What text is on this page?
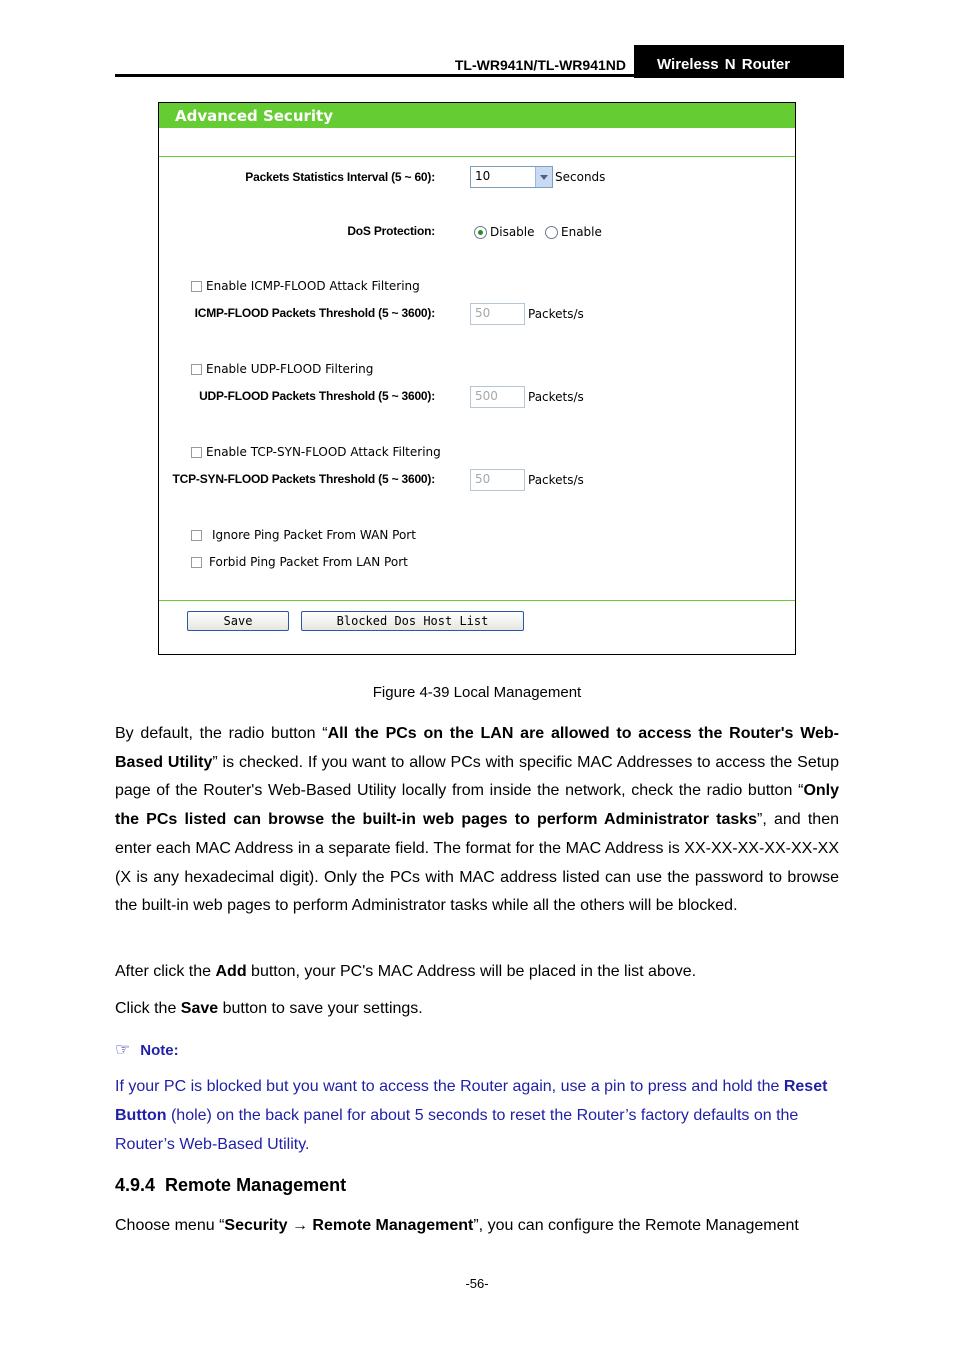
TL-WR941N/TL-WR941ND	Wireless N Router
Advanced Security
Packets Statistics Interval (5 ~ 60):	10	Seconds
DoS Protection:	Disable Enable
Enable ICMP-FLOOD Attack Filtering
ICMP-FLOOD Packets Threshold (5 ~ 3600):	50	Packets/s
Enable UDP-FLOOD Filtering
UDP-FLOOD Packets Threshold (5 ~ 3600):	500	Packets/s
Enable TCP-SYN-FLOOD Attack Filtering
TCP-SYN-FLOOD Packets Threshold (5 ~ 3600):	50	Packets/s
Ignore Ping Packet From WAN Port
Forbid Ping Packet From LAN Port
Save	Blocked Dos Host List
Figure 4-39 Local Management

By default, the radio button “All the PCs on the LAN are allowed to access the Router's Web-Based Utility” is checked. If you want to allow PCs with specific MAC Addresses to access the Setup page of the Router's Web-Based Utility locally from inside the network, check the radio button “Only the PCs listed can browse the built-in web pages to perform Administrator tasks”, and then enter each MAC Address in a separate field. The format for the MAC Address is XX-XX-XX-XX-XX-XX (X is any hexadecimal digit). Only the PCs with MAC address listed can use the password to browse the built-in web pages to perform Administrator tasks while all the others will be blocked.

After click the Add button, your PC's MAC Address will be placed in the list above.

Click the Save button to save your settings.

☞ Note:

If your PC is blocked but you want to access the Router again, use a pin to press and hold the Reset Button (hole) on the back panel for about 5 seconds to reset the Router’s factory defaults on the Router’s Web-Based Utility.

4.9.4 Remote Management

Choose menu “Security → Remote Management”, you can configure the Remote Management

-56-
